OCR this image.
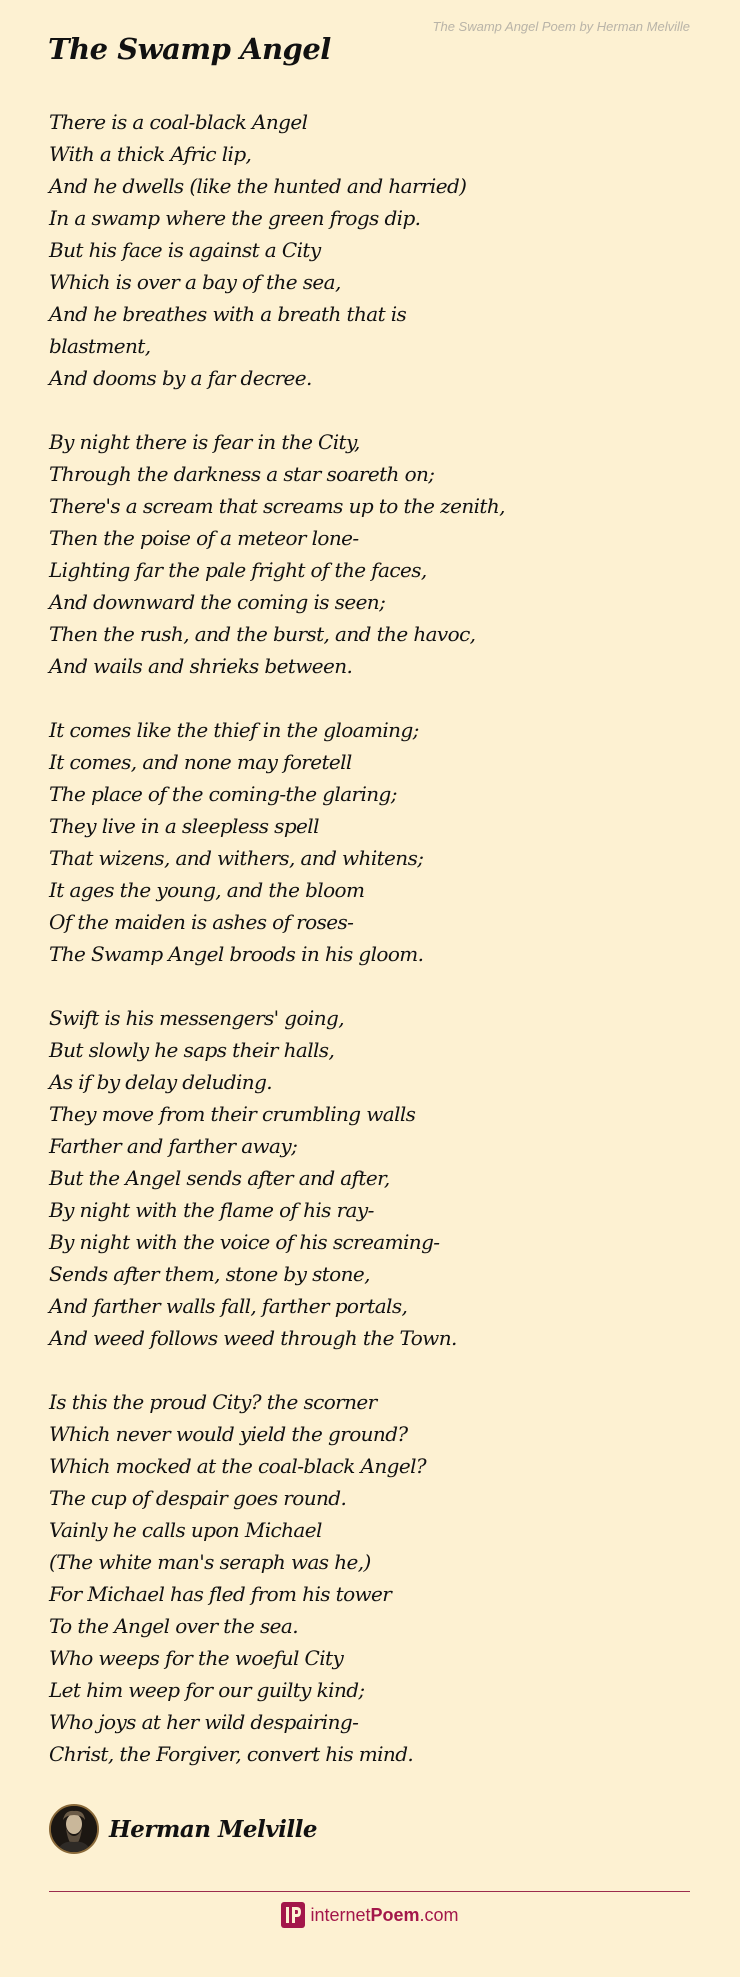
The Swamp Angel Poem by Herman Melville
The Swamp Angel
There is a coal-black Angel
With a thick Afric lip,
And he dwells (like the hunted and harried)
In a swamp where the green frogs dip.
But his face is against a City
Which is over a bay of the sea,
And he breathes with a breath that is
blastment,
And dooms by a far decree.
By night there is fear in the City,
Through the darkness a star soareth on;
There's a scream that screams up to the zenith,
Then the poise of a meteor lone-
Lighting far the pale fright of the faces,
And downward the coming is seen;
Then the rush, and the burst, and the havoc,
And wails and shrieks between.
It comes like the thief in the gloaming;
It comes, and none may foretell
The place of the coming-the glaring;
They live in a sleepless spell
That wizens, and withers, and whitens;
It ages the young, and the bloom
Of the maiden is ashes of roses-
The Swamp Angel broods in his gloom.
Swift is his messengers' going,
But slowly he saps their halls,
As if by delay deluding.
They move from their crumbling walls
Farther and farther away;
But the Angel sends after and after,
By night with the flame of his ray-
By night with the voice of his screaming-
Sends after them, stone by stone,
And farther walls fall, farther portals,
And weed follows weed through the Town.
Is this the proud City? the scorner
Which never would yield the ground?
Which mocked at the coal-black Angel?
The cup of despair goes round.
Vainly he calls upon Michael
(The white man's seraph was he,)
For Michael has fled from his tower
To the Angel over the sea.
Who weeps for the woeful City
Let him weep for our guilty kind;
Who joys at her wild despairing-
Christ, the Forgiver, convert his mind.
Herman Melville
internet Poem .com
